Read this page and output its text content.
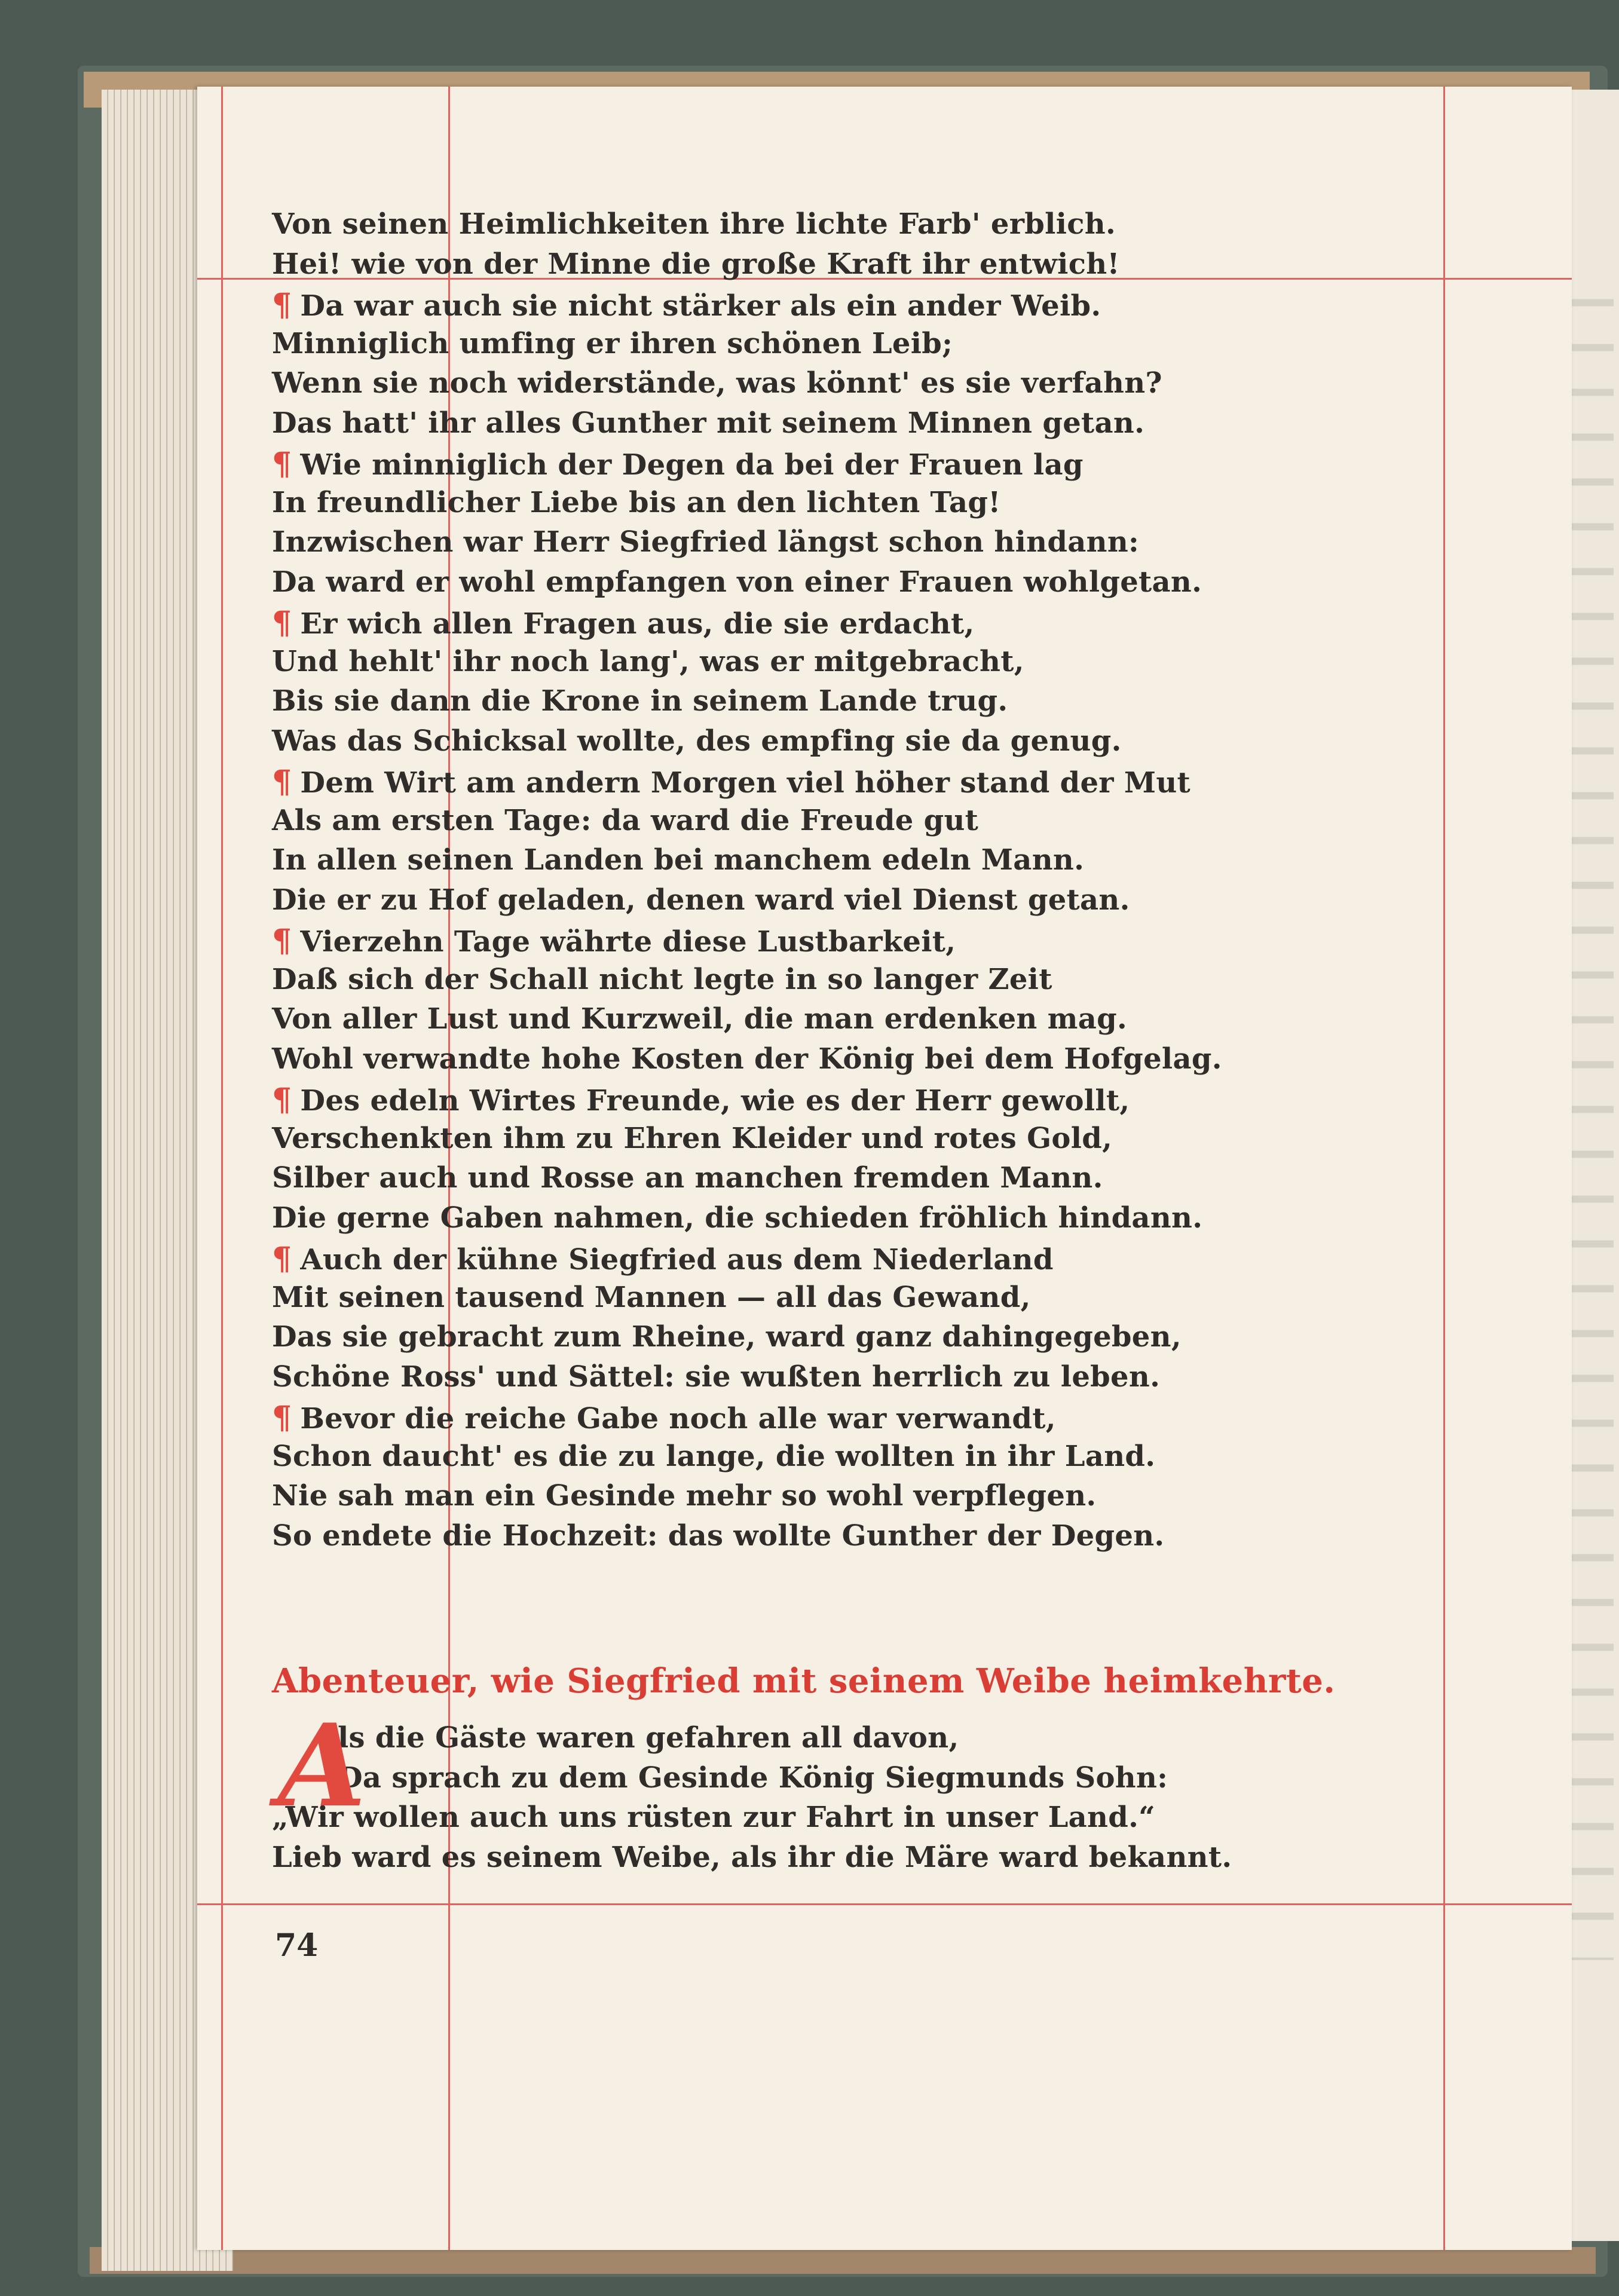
Von seinen Heimlichkeiten ihre lichte Farb' erblich.
Hei! wie von der Minne die große Kraft ihr entwich!
¶ Da war auch sie nicht stärker als ein ander Weib.
Minniglich umfing er ihren schönen Leib;
Wenn sie noch widerstände, was könnt' es sie verfahn?
Das hatt' ihr alles Gunther mit seinem Minnen getan.
¶ Wie minniglich der Degen da bei der Frauen lag
In freundlicher Liebe bis an den lichten Tag!
Inzwischen war Herr Siegfried längst schon hindann:
Da ward er wohl empfangen von einer Frauen wohlgetan.
¶ Er wich allen Fragen aus, die sie erdacht,
Und hehlt' ihr noch lang', was er mitgebracht,
Bis sie dann die Krone in seinem Lande trug.
Was das Schicksal wollte, des empfing sie da genug.
¶ Dem Wirt am andern Morgen viel höher stand der Mut
Als am ersten Tage: da ward die Freude gut
In allen seinen Landen bei manchem edeln Mann.
Die er zu Hof geladen, denen ward viel Dienst getan.
¶ Vierzehn Tage währte diese Lustbarkeit,
Daß sich der Schall nicht legte in so langer Zeit
Von aller Lust und Kurzweil, die man erdenken mag.
Wohl verwandte hohe Kosten der König bei dem Hofgelag.
¶ Des edeln Wirtes Freunde, wie es der Herr gewollt,
Verschenkten ihm zu Ehren Kleider und rotes Gold,
Silber auch und Rosse an manchen fremden Mann.
Die gerne Gaben nahmen, die schieden fröhlich hindann.
¶ Auch der kühne Siegfried aus dem Niederland
Mit seinen tausend Mannen — all das Gewand,
Das sie gebracht zum Rheine, ward ganz dahingegeben,
Schöne Ross' und Sättel: sie wußten herrlich zu leben.
¶ Bevor die reiche Gabe noch alle war verwandt,
Schon daucht' es die zu lange, die wollten in ihr Land.
Nie sah man ein Gesinde mehr so wohl verpflegen.
So endete die Hochzeit: das wollte Gunther der Degen.
Abenteuer, wie Siegfried mit seinem Weibe heimkehrte.
A
ls die Gäste waren gefahren all davon,
Da sprach zu dem Gesinde König Siegmunds Sohn:
„Wir wollen auch uns rüsten zur Fahrt in unser Land.“
Lieb ward es seinem Weibe, als ihr die Märe ward bekannt.
74
